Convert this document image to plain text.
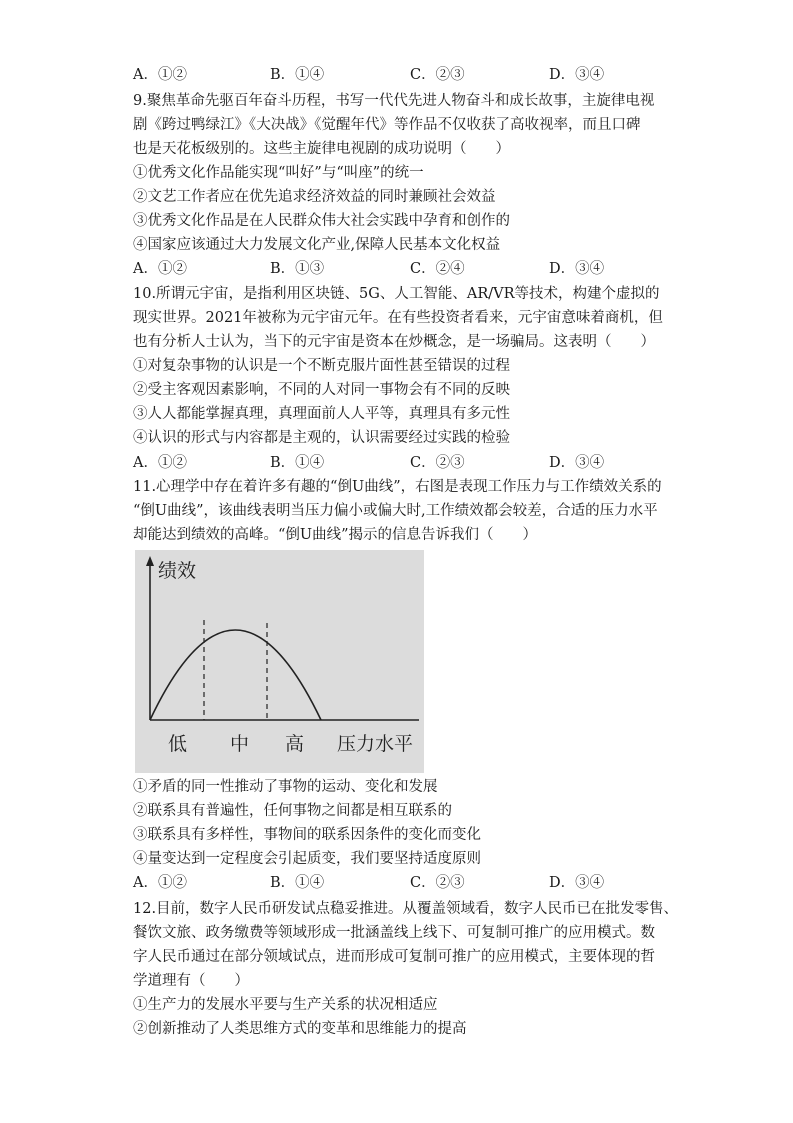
A．①②	B．①④	C．②③	D．③④
9.聚焦革命先驱百年奋斗历程，书写一代代先进人物奋斗和成长故事，主旋律电视
剧《跨过鸭绿江》《大决战》《觉醒年代》等作品不仅收获了高收视率，而且口碑
也是天花板级别的。这些主旋律电视剧的成功说明（　　）
①优秀文化作品能实现“叫好”与“叫座”的统一
②文艺工作者应在优先追求经济效益的同时兼顾社会效益
③优秀文化作品是在人民群众伟大社会实践中孕育和创作的
④国家应该通过大力发展文化产业,保障人民基本文化权益
A．①②	B．①③	C．②④	D．③④
10.所谓元宇宙，是指利用区块链、5G、人工智能、AR/VR等技术，构建个虚拟的
现实世界。2021年被称为元宇宙元年。在有些投资者看来，元宇宙意味着商机，但
也有分析人士认为，当下的元宇宙是资本在炒概念，是一场骗局。这表明（　　）
①对复杂事物的认识是一个不断克服片面性甚至错误的过程
②受主客观因素影响，不同的人对同一事物会有不同的反映
③人人都能掌握真理，真理面前人人平等，真理具有多元性
④认识的形式与内容都是主观的，认识需要经过实践的检验
A．①②	B．①④	C．②③	D．③④
11.心理学中存在着许多有趣的“倒U曲线”，右图是表现工作压力与工作绩效关系的
“倒U曲线”，该曲线表明当压力偏小或偏大时,工作绩效都会较差，合适的压力水平
却能达到绩效的高峰。“倒U曲线”揭示的信息告诉我们（　　）
绩效
低 中 高 压力水平
①矛盾的同一性推动了事物的运动、变化和发展
②联系具有普遍性，任何事物之间都是相互联系的
③联系具有多样性，事物间的联系因条件的变化而变化
④量变达到一定程度会引起质变，我们要坚持适度原则
A．①②	B．①④	C．②③	D．③④
12.目前，数字人民币研发试点稳妥推进。从覆盖领域看，数字人民币已在批发零售、
餐饮文旅、政务缴费等领域形成一批涵盖线上线下、可复制可推广的应用模式。数
字人民币通过在部分领域试点，进而形成可复制可推广的应用模式，主要体现的哲
学道理有（　　）
①生产力的发展水平要与生产关系的状况相适应
②创新推动了人类思维方式的变革和思维能力的提高
